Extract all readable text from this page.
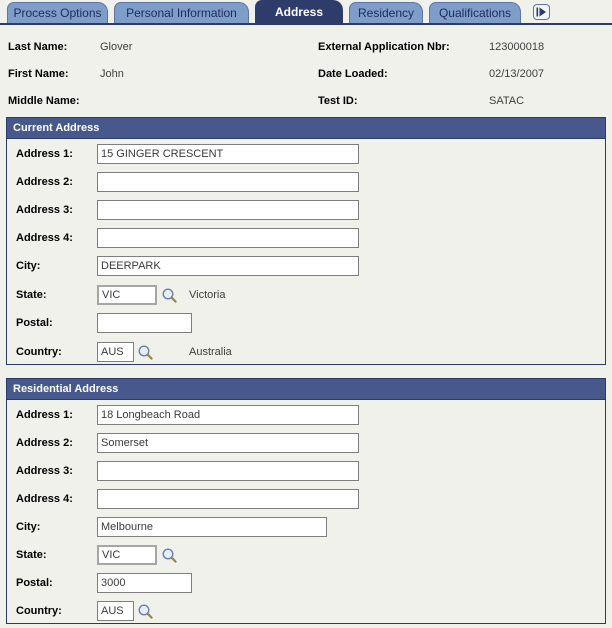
Process Options	Personal Information	Address	Residency	Qualifications
Last Name:	Glover
First Name:	John
Middle Name:
External Application Nbr:	123000018
Date Loaded:	02/13/2007
Test ID:	SATAC
Current Address
Address 1:
15 GINGER CRESCENT
Address 2:
Address 3:
Address 4:
City:
DEERPARK
State:
VIC	Victoria
Postal:
Country:
AUS	Australia
Residential Address
Address 1:
18 Longbeach Road
Address 2:
Somerset
Address 3:
Address 4:
City:
Melbourne
State:
VIC
Postal:
3000
Country:
AUS
